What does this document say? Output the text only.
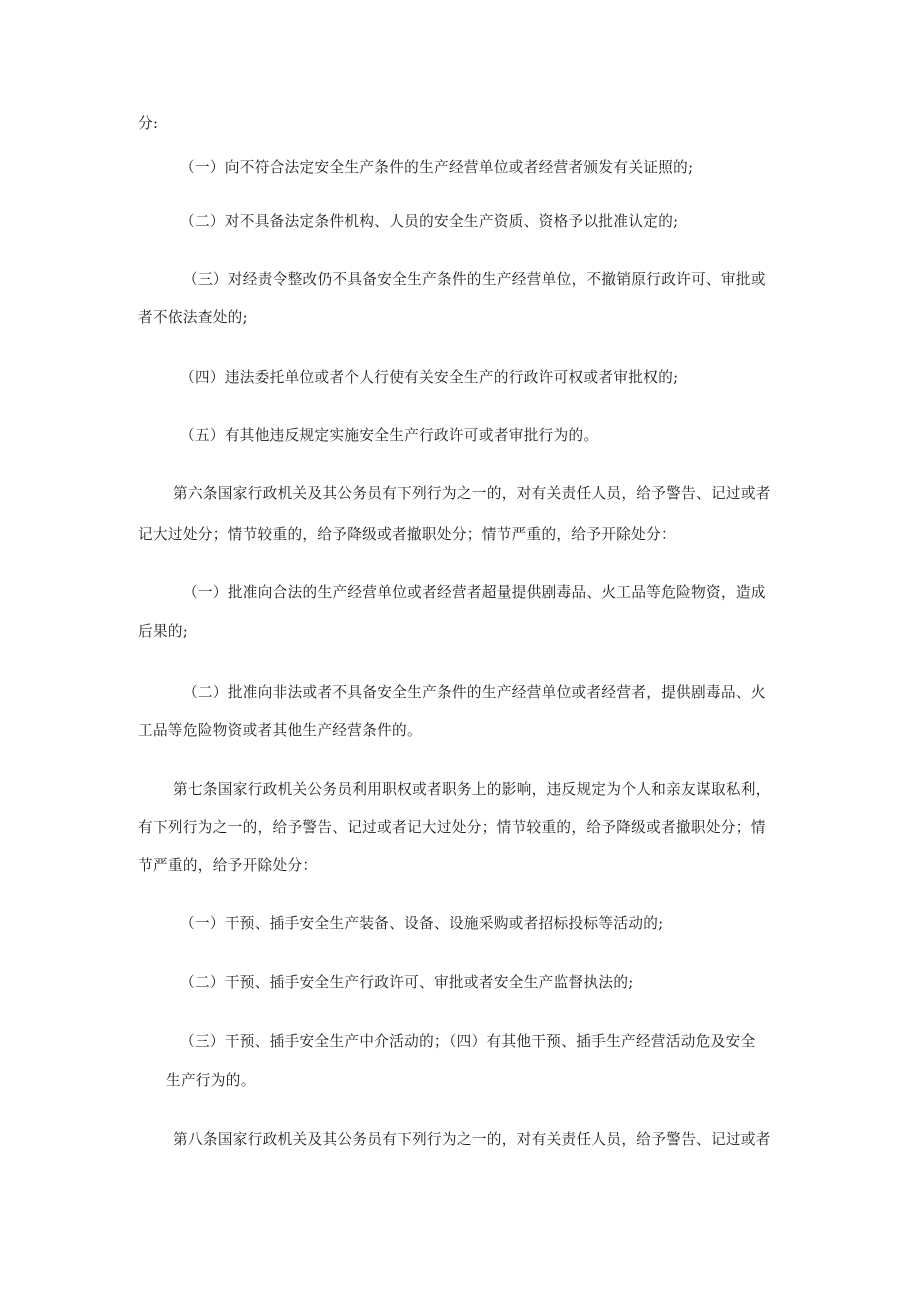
分:
（一）向不符合法定安全生产条件的生产经营单位或者经营者颁发有关证照的;
（二）对不具备法定条件机构、人员的安全生产资质、资格予以批准认定的;
（三）对经责令整改仍不具备安全生产条件的生产经营单位，不撤销原行政许可、审批或
者不依法查处的;
（四）违法委托单位或者个人行使有关安全生产的行政许可权或者审批权的;
（五）有其他违反规定实施安全生产行政许可或者审批行为的。
第六条国家行政机关及其公务员有下列行为之一的，对有关责任人员，给予警告、记过或者
记大过处分；情节较重的，给予降级或者撤职处分；情节严重的，给予开除处分：
（一）批准向合法的生产经营单位或者经营者超量提供剧毒品、火工品等危险物资，造成
后果的;
（二）批准向非法或者不具备安全生产条件的生产经营单位或者经营者，提供剧毒品、火
工品等危险物资或者其他生产经营条件的。
第七条国家行政机关公务员利用职权或者职务上的影响，违反规定为个人和亲友谋取私利，
有下列行为之一的，给予警告、记过或者记大过处分；情节较重的，给予降级或者撤职处分；情
节严重的，给予开除处分：
（一）干预、插手安全生产装备、设备、设施采购或者招标投标等活动的;
（二）干预、插手安全生产行政许可、审批或者安全生产监督执法的;
（三）干预、插手安全生产中介活动的；（四）有其他干预、插手生产经营活动危及安全
生产行为的。
第八条国家行政机关及其公务员有下列行为之一的，对有关责任人员，给予警告、记过或者
